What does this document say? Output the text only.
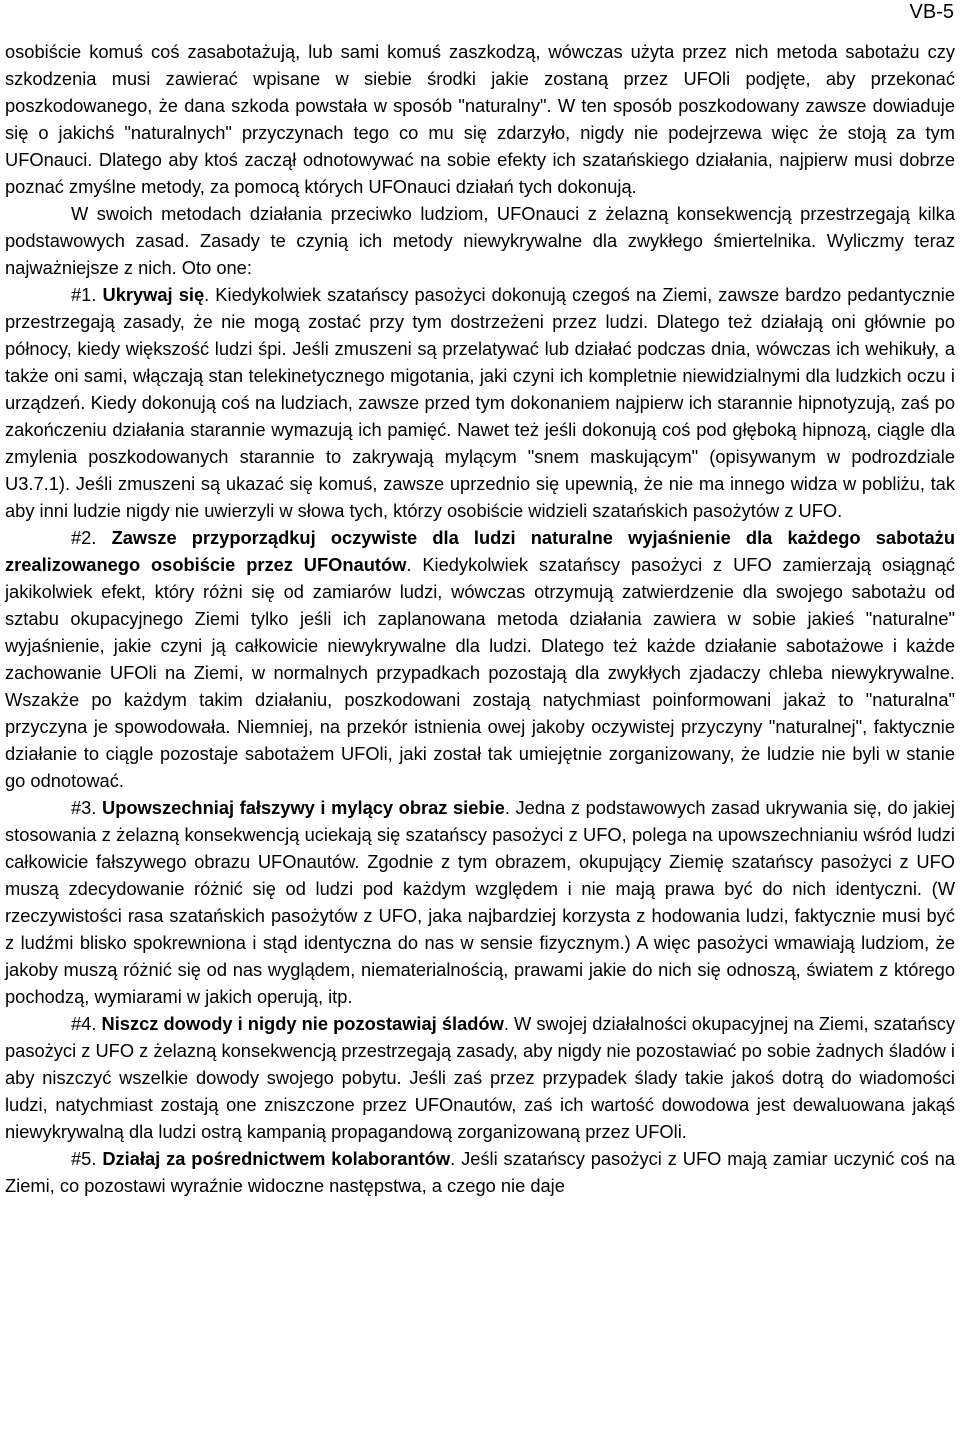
VB-5

osobiście komuś coś zasabotażują, lub sami komuś zaszkodzą, wówczas użyta przez nich metoda sabotażu czy szkodzenia musi zawierać wpisane w siebie środki jakie zostaną przez UFOli podjęte, aby przekonać poszkodowanego, że dana szkoda powstała w sposób "naturalny". W ten sposób poszkodowany zawsze dowiaduje się o jakichś "naturalnych" przyczynach tego co mu się zdarzyło, nigdy nie podejrzewa więc że stoją za tym UFOnauci. Dlatego aby ktoś zaczął odnotowywać na sobie efekty ich szatańskiego działania, najpierw musi dobrze poznać zmyślne metody, za pomocą których UFOnauci działań tych dokonują.

W swoich metodach działania przeciwko ludziom, UFOnauci z żelazną konsekwencją przestrzegają kilka podstawowych zasad. Zasady te czynią ich metody niewykrywalne dla zwykłego śmiertelnika. Wyliczmy teraz najważniejsze z nich. Oto one:

#1. Ukrywaj się. Kiedykolwiek szatańscy pasożyci dokonują czegoś na Ziemi, zawsze bardzo pedantycznie przestrzegają zasady, że nie mogą zostać przy tym dostrzeżeni przez ludzi. Dlatego też działają oni głównie po północy, kiedy większość ludzi śpi. Jeśli zmuszeni są przelatywać lub działać podczas dnia, wówczas ich wehikuły, a także oni sami, włączają stan telekinetycznego migotania, jaki czyni ich kompletnie niewidzialnymi dla ludzkich oczu i urządzeń. Kiedy dokonują coś na ludziach, zawsze przed tym dokonaniem najpierw ich starannie hipnotyzują, zaś po zakończeniu działania starannie wymazują ich pamięć. Nawet też jeśli dokonują coś pod głęboką hipnozą, ciągle dla zmylenia poszkodowanych starannie to zakrywają mylącym "snem maskującym" (opisywanym w podrozdziale U3.7.1). Jeśli zmuszeni są ukazać się komuś, zawsze uprzednio się upewnią, że nie ma innego widza w pobliżu, tak aby inni ludzie nigdy nie uwierzyli w słowa tych, którzy osobiście widzieli szatańskich pasożytów z UFO.

#2. Zawsze przyporządkuj oczywiste dla ludzi naturalne wyjaśnienie dla każdego sabotażu zrealizowanego osobiście przez UFOnautów. Kiedykolwiek szatańscy pasożyci z UFO zamierzają osiągnąć jakikolwiek efekt, który różni się od zamiarów ludzi, wówczas otrzymują zatwierdzenie dla swojego sabotażu od sztabu okupacyjnego Ziemi tylko jeśli ich zaplanowana metoda działania zawiera w sobie jakieś "naturalne" wyjaśnienie, jakie czyni ją całkowicie niewykrywalne dla ludzi. Dlatego też każde działanie sabotażowe i każde zachowanie UFOli na Ziemi, w normalnych przypadkach pozostają dla zwykłych zjadaczy chleba niewykrywalne. Wszakże po każdym takim działaniu, poszkodowani zostają natychmiast poinformowani jakaż to "naturalna" przyczyna je spowodowała. Niemniej, na przekór istnienia owej jakoby oczywistej przyczyny "naturalnej", faktycznie działanie to ciągle pozostaje sabotażem UFOli, jaki został tak umiejętnie zorganizowany, że ludzie nie byli w stanie go odnotować.

#3. Upowszechniaj fałszywy i mylący obraz siebie. Jedna z podstawowych zasad ukrywania się, do jakiej stosowania z żelazną konsekwencją uciekają się szatańscy pasożyci z UFO, polega na upowszechnianiu wśród ludzi całkowicie fałszywego obrazu UFOnautów. Zgodnie z tym obrazem, okupujący Ziemię szatańscy pasożyci z UFO muszą zdecydowanie różnić się od ludzi pod każdym względem i nie mają prawa być do nich identyczni. (W rzeczywistości rasa szatańskich pasożytów z UFO, jaka najbardziej korzysta z hodowania ludzi, faktycznie musi być z ludźmi blisko spokrewniona i stąd identyczna do nas w sensie fizycznym.) A więc pasożyci wmawiają ludziom, że jakoby muszą różnić się od nas wyglądem, niematerialnością, prawami jakie do nich się odnoszą, światem z którego pochodzą, wymiarami w jakich operują, itp.

#4. Niszcz dowody i nigdy nie pozostawiaj śladów. W swojej działalności okupacyjnej na Ziemi, szatańscy pasożyci z UFO z żelazną konsekwencją przestrzegają zasady, aby nigdy nie pozostawiać po sobie żadnych śladów i aby niszczyć wszelkie dowody swojego pobytu. Jeśli zaś przez przypadek ślady takie jakoś dotrą do wiadomości ludzi, natychmiast zostają one zniszczone przez UFOnautów, zaś ich wartość dowodowa jest dewaluowana jakąś niewykrywalną dla ludzi ostrą kampanią propagandową zorganizowaną przez UFOli.

#5. Działaj za pośrednictwem kolaborantów. Jeśli szatańscy pasożyci z UFO mają zamiar uczynić coś na Ziemi, co pozostawi wyraźnie widoczne następstwa, a czego nie daje
